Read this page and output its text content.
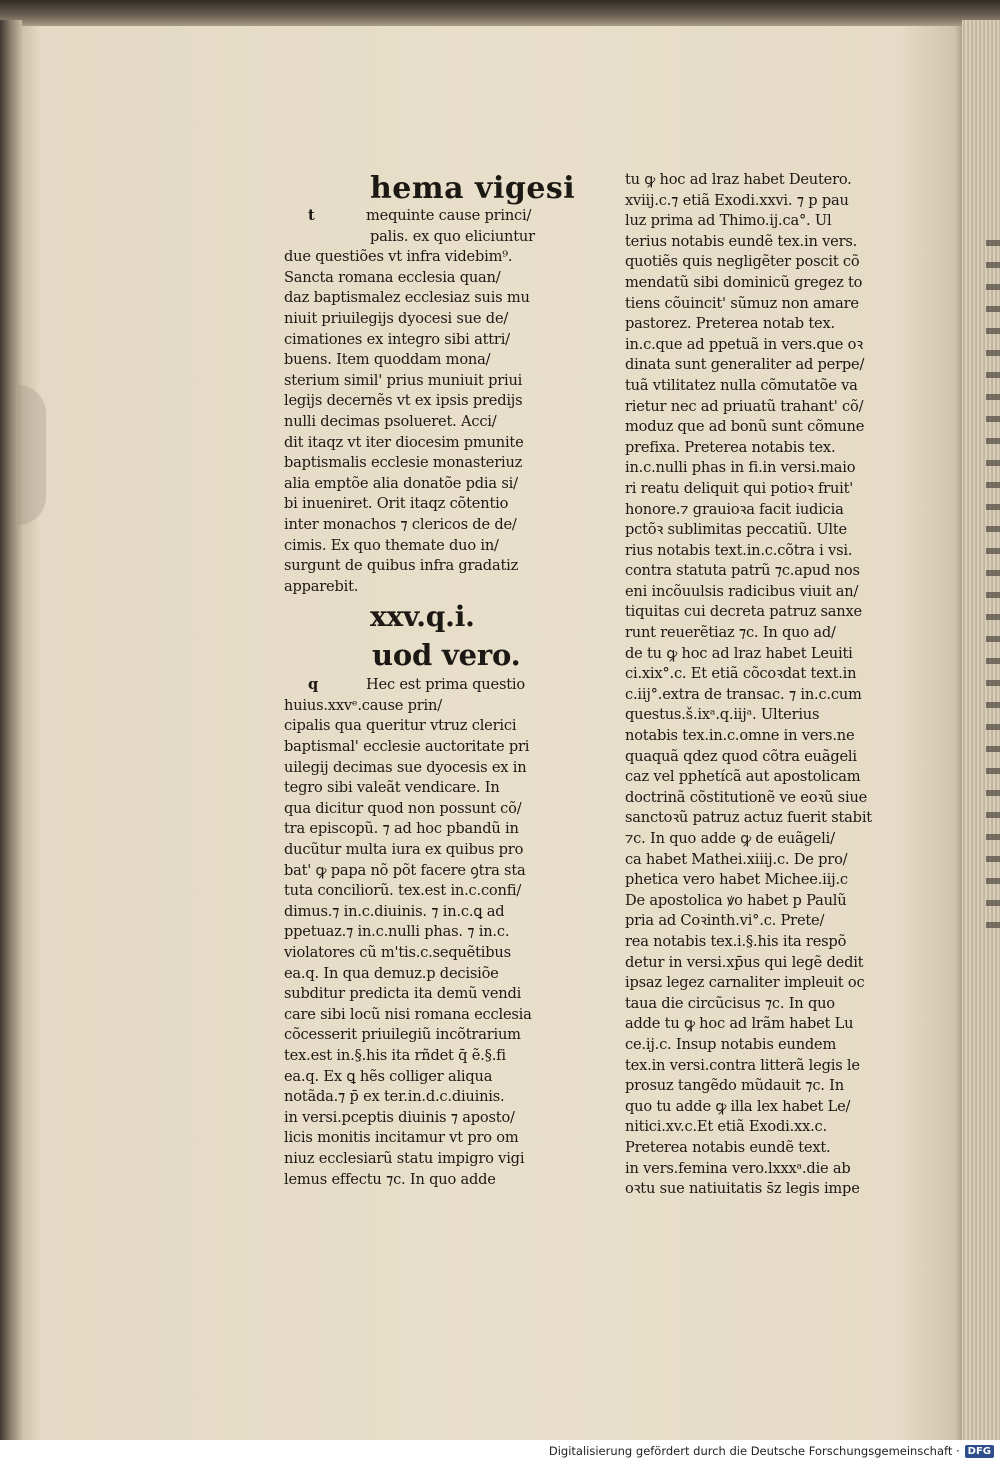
hema vigesi
t	mequinte cause princi/
palis. ex quo eliciuntur
due questiões vt infra videbim⁹.
Sancta romana ecclesia quan/
daz baptismalez ecclesiaz suis mu
niuit priuilegijs dyocesi sue de/
cimationes ex integro sibi attri/
buens. Item quoddam mona/
sterium simil' prius muniuit priui
legijs decernẽs vt ex ipsis predijs
nulli decimas psolueret. Acci/
dit itaqz vt iter diocesim pmunite
baptismalis ecclesie monasteriuz
alia emptõe alia donatõe pdia si/
bi inueniret. Orit itaqz cõtentio
inter monachos ⁊ clericos de de/
cimis. Ex quo themate duo in/
surgunt de quibus infra gradatiz
apparebit.
xxv.q.i.
uod vero.
q	Hec est prima questio
huius.xxvᵉ.cause prin/
cipalis qua queritur vtruz clerici
baptismal' ecclesie auctoritate pri
uilegij decimas sue dyocesis ex in
tegro sibi valeãt vendicare. In
qua dicitur quod non possunt cõ/
tra episcopũ. ⁊ ad hoc pbandũ in
ducũtur multa iura ex quibus pro
bat' ꝙ papa nõ põt facere ꝯtra sta
tuta conciliorũ. tex.est in.c.confi/
dimus.⁊ in.c.diuinis. ⁊ in.c.ꝗ ad
ppetuaz.⁊ in.c.nulli phas. ⁊ in.c.
violatores cũ m'tis.c.sequẽtibus
ea.q. In qua demuz.p decisiõe
subditur predicta ita demũ vendi
care sibi locũ nisi romana ecclesia
cõcesserit priuilegiũ incõtrarium
tex.est in.§.his ita rñdet q̄ ẽ.§.fi
ea.q. Ex ꝗ hẽs colliger aliqua
notãda.⁊ p̄ ex ter.in.d.c.diuinis.
in versi.pceptis diuinis ⁊ aposto/
licis monitis incitamur vt pro om
niuz ecclesiarũ statu impigro vigi
lemus effectu ⁊c. In quo adde
tu ꝙ hoc ad lraz habet Deutero.
xviij.c.⁊ etiã Exodi.xxvi. ⁊ p pau
luz prima ad Thimo.ij.ca°. Ul
terius notabis eundẽ tex.in vers.
quotiẽs quis negligẽter poscit cõ
mendatũ sibi dominicũ gregez to
tiens cõuincit' sũmuz non amare
pastorez. Preterea notab tex.
in.c.que ad ppetuã in vers.que oꝛ
dinata sunt generaliter ad perpe/
tuã vtilitatez nulla cõmutatõe va
rietur nec ad priuatũ trahant' cõ/
moduz que ad bonũ sunt cõmune
prefixa. Preterea notabis tex.
in.c.nulli phas in fi.in versi.maio
ri reatu deliquit qui potioꝛ fruit'
honore.⁊ grauioꝛa facit iudicia
pctõꝛ sublimitas peccatiũ. Ulte
rius notabis text.in.c.cõtra i vsi.
contra statuta patrũ ⁊c.apud nos
eni incõuulsis radicibus viuit an/
tiquitas cui decreta patruz sanxe
runt reuerẽtiaz ⁊c. In quo ad/
de tu ꝙ hoc ad lraz habet Leuiti
ci.xix°.c. Et etiã cõcoꝛdat text.in
c.iij°.extra de transac. ⁊ in.c.cum
questus.š.ixᵃ.q.iijᵃ. Ulterius
notabis tex.in.c.omne in vers.ne
quaquã qdez quod cõtra euãgeli
caz vel pphetícã aut apostolicam
doctrinã cõstitutionẽ ve eoꝛũ siue
sanctoꝛũ patruz actuz fuerit stabit
⁊c. In quo adde ꝙ de euãgeli/
ca habet Mathei.xiiij.c. De pro/
phetica vero habet Michee.iij.c
De apostolica ꝟo habet p Paulũ
pria ad Coꝛinth.vi°.c. Prete/
rea notabis tex.i.§.his ita respõ
detur in versi.xp̄us qui legẽ dedit
ipsaz legez carnaliter impleuit oc
taua die circũcisus ⁊c. In quo
adde tu ꝙ hoc ad lrãm habet Lu
ce.ij.c. Insup notabis eundem
tex.in versi.contra litterã legis le
prosuz tangẽdo mũdauit ⁊c. In
quo tu adde ꝙ illa lex habet Le/
nitici.xv.c.Et etiã Exodi.xx.c.
Preterea notabis eundẽ text.
in vers.femina vero.lxxxᵃ.die ab
oꝛtu sue natiuitatis s̄z legis impe
Digitalisierung gefördert durch die Deutsche Forschungsgemeinschaft · DFG
